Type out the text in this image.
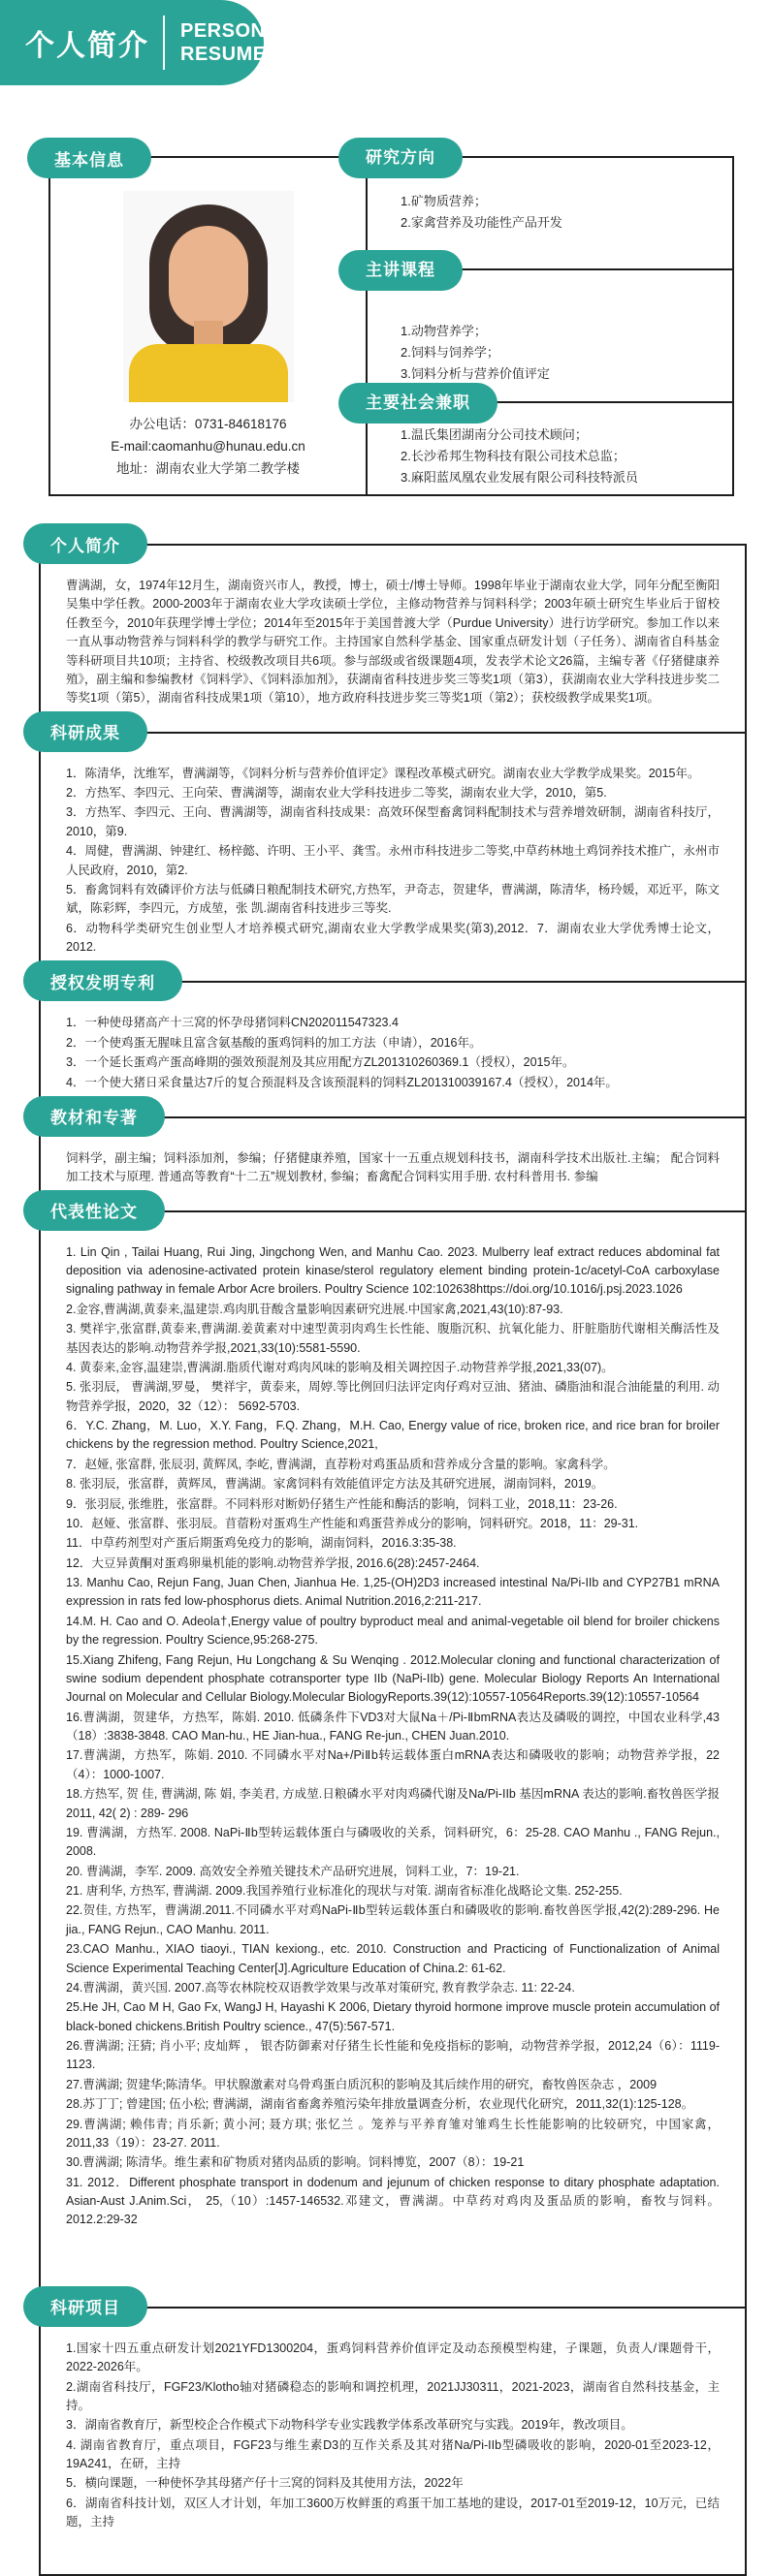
个人简介 PERSONAL
RESUME
基本信息
办公电话：0731-84618176
E-mail:caomanhu@hunau.edu.cn
地址：湖南农业大学第二教学楼
研究方向
1.矿物质营养；
2.家禽营养及功能性产品开发
主讲课程
1.动物营养学；
2.饲料与饲养学；
3.饲料分析与营养价值评定
主要社会兼职
1.温氏集团湖南分公司技术顾问；
2.长沙希邦生物科技有限公司技术总监；
3.麻阳蓝凤凰农业发展有限公司科技特派员
个人简介
曹满湖，女，1974年12月生，湖南资兴市人，教授，博士，硕士/博士导师。1998年毕业于湖南农业大学，同年分配至衡阳吴集中学任教。2000-2003年于湖南农业大学攻读硕士学位，主修动物营养与饲料科学；2003年硕士研究生毕业后于留校任教至今，2010年获理学博士学位；2014年至2015年于美国普渡大学（Purdue University）进行访学研究。参加工作以来一直从事动物营养与饲料科学的教学与研究工作。主持国家自然科学基金、国家重点研发计划（子任务）、湖南省自科基金等科研项目共10项；主持省、校级教改项目共6项。参与部级或省级课题4项，发表学术论文26篇，主编专著《仔猪健康养殖》，副主编和参编教材《饲料学》、《饲料添加剂》，获湖南省科技进步奖三等奖1项（第3），获湖南农业大学科技进步奖二等奖1项（第5），湖南省科技成果1项（第10），地方政府科技进步奖三等奖1项（第2）；获校级教学成果奖1项。
科研成果
1．陈清华，沈维军，曹满湖等，《饲料分析与营养价值评定》课程改革模式研究。湖南农业大学教学成果奖。2015年。
2．方热军、李四元、王向荣、曹满湖等，湖南农业大学科技进步二等奖，湖南农业大学，2010，第5.
3．方热军、李四元、王向、曹满湖等，湖南省科技成果：高效环保型畜禽饲料配制技术与营养增效研制，湖南省科技厅，2010，第9.
4．周健，曹满湖、钟建红、杨梓懿、许明、王小平、龚雪。永州市科技进步二等奖,中草药林地土鸡饲养技术推广，永州市人民政府，2010，第2.
5．畜禽饲料有效磷评价方法与低磷日粮配制技术研究,方热军，尹奇志，贺建华，曹满湖，陈清华，杨玲媛，邓近平，陈文斌，陈彩辉，李四元，方成堃，张 凯.湖南省科技进步三等奖.
6．动物科学类研究生创业型人才培养模式研究,湖南农业大学教学成果奖(第3),2012．7．湖南农业大学优秀博士论文，2012.
授权发明专利
1．一种使母猪高产十三窝的怀孕母猪饲料CN202011547323.4
2．一个使鸡蛋无腥味且富含氨基酸的蛋鸡饲料的加工方法（申请），2016年。
3．一个延长蛋鸡产蛋高峰期的强效预混剂及其应用配方ZL201310260369.1（授权），2015年。
4．一个使大猪日采食量达7斤的复合预混料及含该预混料的饲料ZL201310039167.4（授权），2014年。
教材和专著
饲料学，副主编；饲料添加剂，参编；仔猪健康养殖，国家十一五重点规划科技书，湖南科学技术出版社.主编； 配合饲料加工技术与原理. 普通高等教育“十二五”规划教材, 参编；畜禽配合饲料实用手册. 农村科普用书. 参编
代表性论文
1. Lin Qin , Tailai Huang, Rui Jing, Jingchong Wen, and Manhu Cao. 2023. Mulberry leaf extract reduces abdominal fat deposition via adenosine-activated protein kinase/sterol regulatory element binding protein-1c/acetyl-CoA carboxylase signaling pathway in female Arbor Acre broilers. Poultry Science 102:102638https://doi.org/10.1016/j.psj.2023.1026
2.金容,曹满湖,黄泰来,温建崇.鸡肉肌苷酸含量影响因素研究进展.中国家禽,2021,43(10):87-93.
3. 樊祥宇,张富群,黄泰来,曹满湖.姜黄素对中速型黄羽肉鸡生长性能、腹脂沉积、抗氧化能力、肝脏脂肪代谢相关酶活性及基因表达的影响.动物营养学报,2021,33(10):5581-5590.
4. 黄泰来,金容,温建崇,曹满湖.脂质代谢对鸡肉风味的影响及相关调控因子.动物营养学报,2021,33(07)。
5. 张羽辰， 曹满湖,罗曼， 樊祥宇，黄泰来，周婷.等比例回归法评定肉仔鸡对豆油、猪油、磷脂油和混合油能量的利用. 动物营养学报，2020，32（12）： 5692-5703.
6．Y.C. Zhang，M. Luo，X.Y. Fang，F.Q. Zhang，M.H. Cao, Energy value of rice, broken rice, and rice bran for broiler chickens by the regression method. Poultry Science,2021,
7．赵娅, 张富群, 张辰羽, 黄辉凤, 李屹, 曹满湖，直荐粉对鸡蛋品质和营养成分含量的影响。家禽科学。
8. 张羽辰，张富群，黄辉凤，曹满湖。家禽饲料有效能值评定方法及其研究进展，湖南饲料，2019。
9．张羽辰, 张维胜，张富群。不同料形对断奶仔猪生产性能和酶活的影响，饲料工业，2018,11：23-26.
10．赵娅、张富群、张羽辰。苜蓿粉对蛋鸡生产性能和鸡蛋营养成分的影响，饲料研究。2018，11：29-31.
11．中草药剂型对产蛋后期蛋鸡免疫力的影响，湖南饲料，2016.3:35-38.
12．大豆异黄酮对蛋鸡卵巢机能的影响.动物营养学报, 2016.6(28):2457-2464.
13. Manhu Cao, Rejun Fang, Juan Chen, Jianhua He. 1,25-(OH)2D3 increased intestinal Na/Pi-IIb and CYP27B1 mRNA expression in rats fed low-phosphorus diets. Animal Nutrition.2016,2:211-217.
14.M. H. Cao and O. Adeola†,Energy value of poultry byproduct meal and animal-vegetable oil blend for broiler chickens by the regression. Poultry Science,95:268-275.
15.Xiang Zhifeng, Fang Rejun, Hu Longchang & Su Wenqing . 2012.Molecular cloning and functional characterization of swine sodium dependent phosphate cotransporter type IIb (NaPi-IIb) gene. Molecular Biology Reports An International Journal on Molecular and Cellular Biology.Molecular BiologyReports.39(12):10557-10564Reports.39(12):10557-10564
16.曹满湖，贺建华，方热军，陈娟. 2010. 低磷条件下VD3对大鼠Na＋/Pi-ⅡbmRNA表达及磷吸的调控，中国农业科学,43（18）:3838-3848. CAO Man-hu., HE Jian-hua., FANG Re-jun., CHEN Juan.2010.
17.曹满湖，方热军，陈娟. 2010. 不同磷水平对Na+/PiⅡb转运载体蛋白mRNA表达和磷吸收的影响；动物营养学报，22（4）：1000-1007.
18.方热军, 贺 佳, 曹满湖, 陈 娟, 李美君, 方成堃.日粮磷水平对肉鸡磷代谢及Na/Pi-IIb 基因mRNA 表达的影响.畜牧兽医学报 2011, 42( 2) : 289- 296
19. 曹满湖，方热军. 2008. NaPi-Ⅱb型转运载体蛋白与磷吸收的关系，饲料研究，6：25-28. CAO Manhu ., FANG Rejun., 2008.
20. 曹满湖，李军. 2009. 高效安全养殖关键技术产品研究进展，饲料工业，7：19-21.
21. 唐利华, 方热军, 曹满湖. 2009.我国养殖行业标准化的现状与对策. 湖南省标准化战略论文集. 252-255.
22.贺佳, 方热军，曹满湖.2011.不同磷水平对鸡NaPi-Ⅱb型转运载体蛋白和磷吸收的影响.畜牧兽医学报,42(2):289-296. He jia., FANG Rejun., CAO Manhu. 2011.
23.CAO Manhu., XIAO tiaoyi., TIAN kexiong., etc. 2010. Construction and Practicing of Functionalization of Animal Science Experimental Teaching Center[J].Agriculture Education of China.2: 61-62.
24.曹满湖，黄兴国. 2007.高等农林院校双语教学效果与改革对策研究, 教育教学杂志. 11: 22-24.
25.He JH, Cao M H, Gao Fx, WangJ H, Hayashi K 2006, Dietary thyroid hormone improve muscle protein accumulation of black-boned chickens.British Poultry science., 47(5):567-571.
26.曹满湖; 汪猜; 肖小平; 皮灿辉 ， 银杏防御素对仔猪生长性能和免疫指标的影响，动物营养学报，2012,24（6）：1119-1123.
27.曹满湖; 贺建华;陈清华。甲状腺激素对乌骨鸡蛋白质沉积的影响及其后续作用的研究，畜牧兽医杂志 ，2009
28.苏丁丁; 曾建国; 伍小松; 曹满湖，湖南省畜禽养殖污染年排放量调查分析，农业现代化研究，2011,32(1):125-128。
29.曹满湖; 赖伟青; 肖乐新; 黄小河; 聂方琪; 张忆兰 。笼养与平养育雏对雏鸡生长性能影响的比较研究，中国家禽，2011,33（19）：23-27. 2011.
30.曹满湖; 陈清华。维生素和矿物质对猪肉品质的影响。饲料博览，2007（8）：19-21
31. 2012．Different phosphate transport in dodenum and jejunum of chicken response to ditary phosphate adaptation. Asian-Aust J.Anim.Sci， 25,（10）:1457-146532.邓建文，曹满湖。中草药对鸡肉及蛋品质的影响，畜牧与饲料。2012.2:29-32
科研项目
1.国家十四五重点研发计划2021YFD1300204，蛋鸡饲料营养价值评定及动态预模型构建，子课题，负责人/课题骨干，2022-2026年。
2.湖南省科技厅，FGF23/Klotho轴对猪磷稳态的影响和调控机理，2021JJ30311，2021-2023，湖南省自然科技基金，主持。
3．湖南省教育厅，新型校企合作模式下动物科学专业实践教学体系改革研究与实践。2019年，教改项目。
4. 湖南省教育厅，重点项目，FGF23与维生素D3的互作关系及其对猪Na/Pi-IIb型磷吸收的影响，2020-01至2023-12，19A241，在研，主持
5．横向课题，一种使怀孕其母猪产仔十三窝的饲料及其使用方法，2022年
6．湖南省科技计划，双区人才计划，年加工3600万枚鲜蛋的鸡蛋干加工基地的建设，2017-01至2019-12，10万元，已结题，主持
